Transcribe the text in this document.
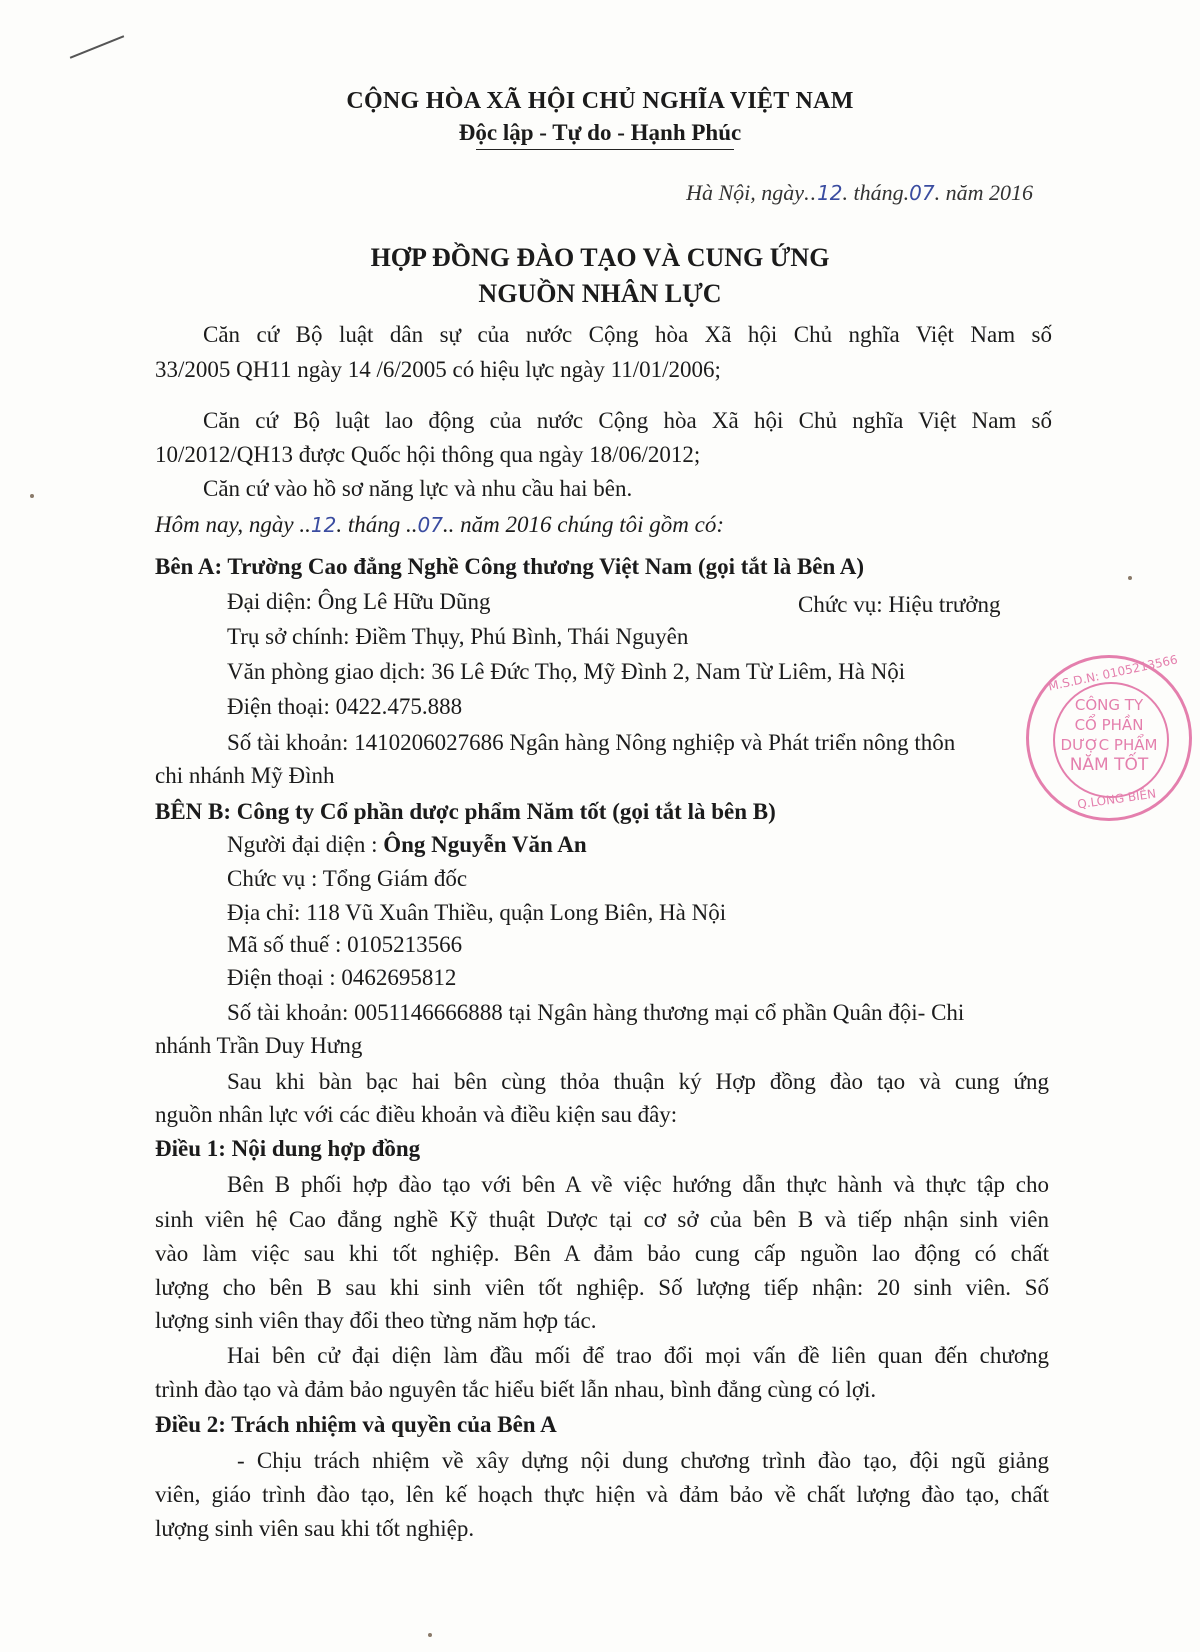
CỘNG HÒA XÃ HỘI CHỦ NGHĨA VIỆT NAM
Độc lập - Tự do - Hạnh Phúc
Hà Nội, ngày..12. tháng.07. năm 2016
HỢP ĐỒNG ĐÀO TẠO VÀ CUNG ỨNG
NGUỒN NHÂN LỰC
Căn cứ Bộ luật dân sự của nước Cộng hòa Xã hội Chủ nghĩa Việt Nam số
33/2005 QH11 ngày 14 /6/2005 có hiệu lực ngày 11/01/2006;
Căn cứ Bộ luật lao động của nước Cộng hòa Xã hội Chủ nghĩa Việt Nam số
10/2012/QH13 được Quốc hội thông qua ngày 18/06/2012;
Căn cứ vào hồ sơ năng lực và nhu cầu hai bên.
Hôm nay, ngày ..12. tháng ..07.. năm 2016 chúng tôi gồm có:
Bên A: Trường Cao đẳng Nghề Công thương Việt Nam (gọi tắt là Bên A)
Đại diện: Ông Lê Hữu Dũng	Chức vụ: Hiệu trưởng
Trụ sở chính: Điềm Thụy, Phú Bình, Thái Nguyên
Văn phòng giao dịch: 36 Lê Đức Thọ, Mỹ Đình 2, Nam Từ Liêm, Hà Nội
Điện thoại: 0422.475.888
Số tài khoản: 1410206027686 Ngân hàng Nông nghiệp và Phát triển nông thôn
chi nhánh Mỹ Đình
BÊN B: Công ty Cổ phần dược phẩm Năm tốt (gọi tắt là bên B)
Người đại diện : Ông Nguyễn Văn An
Chức vụ : Tổng Giám đốc
Địa chỉ: 118 Vũ Xuân Thiều, quận Long Biên, Hà Nội
Mã số thuế : 0105213566
Điện thoại : 0462695812
Số tài khoản: 0051146666888 tại Ngân hàng thương mại cổ phần Quân đội- Chi
nhánh Trần Duy Hưng
Sau khi bàn bạc hai bên cùng thỏa thuận ký Hợp đồng đào tạo và cung ứng
nguồn nhân lực với các điều khoản và điều kiện sau đây:
Điều 1: Nội dung hợp đồng
Bên B phối hợp đào tạo với bên A về việc hướng dẫn thực hành và thực tập cho
sinh viên hệ Cao đẳng nghề Kỹ thuật Dược tại cơ sở của bên B và tiếp nhận sinh viên
vào làm việc sau khi tốt nghiệp. Bên A đảm bảo cung cấp nguồn lao động có chất
lượng cho bên B sau khi sinh viên tốt nghiệp. Số lượng tiếp nhận: 20 sinh viên. Số
lượng sinh viên thay đổi theo từng năm hợp tác.
Hai bên cử đại diện làm đầu mối để trao đổi mọi vấn đề liên quan đến chương
trình đào tạo và đảm bảo nguyên tắc hiểu biết lẫn nhau, bình đẳng cùng có lợi.
Điều 2: Trách nhiệm và quyền của Bên A
- Chịu trách nhiệm về xây dựng nội dung chương trình đào tạo, đội ngũ giảng
viên, giáo trình đào tạo, lên kế hoạch thực hiện và đảm bảo về chất lượng đào tạo, chất
lượng sinh viên sau khi tốt nghiệp.
M.S.D.N: 0105213566
CÔNG TY
CỔ PHẦN
DƯỢC PHẨM
NĂM TỐT
Q.LONG BIÊN
